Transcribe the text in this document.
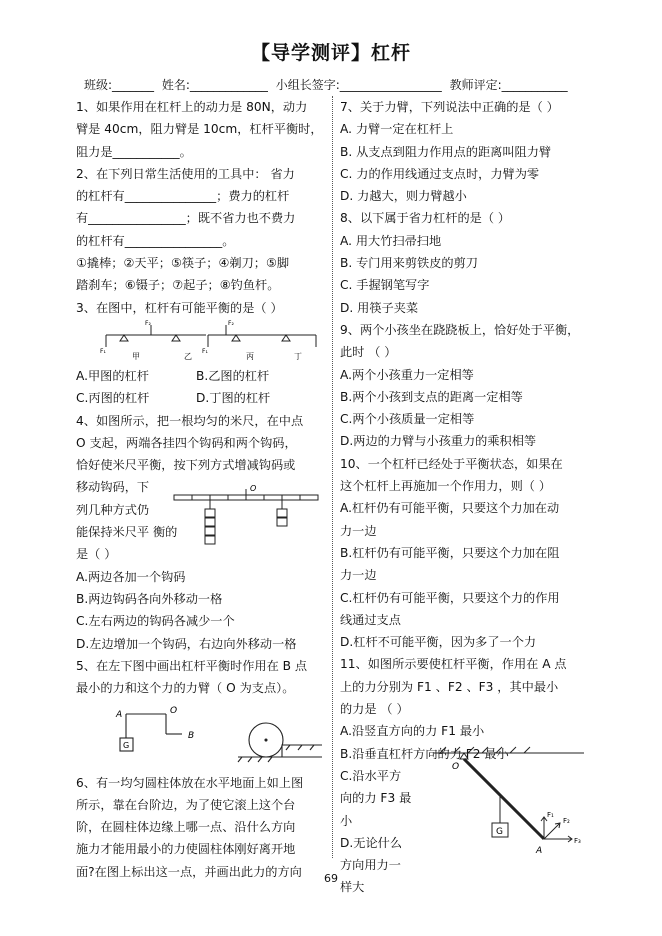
【导学测评】杠杆
班级:_______ 姓名:_____________ 小组长签字:_________________ 教师评定:___________
1、如果作用在杠杆上的动力是 80N，动力
臂是 40cm，阻力臂是 10cm，杠杆平衡时，
阻力是___________。
2、在下列日常生活使用的工具中： 省力
的杠杆有_______________；费力的杠杆
有________________；既不省力也不费力
的杠杆有________________。
①撬棒；②天平；⑤筷子；④剃刀；⑤脚
踏刹车；⑥镊子；⑦起子；⑧钓鱼杆。
3、在图中，杠杆有可能平衡的是（ ）
F₁
F₂
F₁
F₂
甲	乙	丙	丁
A.甲图的杠杆	B.乙图的杠杆
C.丙图的杠杆	D.丁图的杠杆
4、如图所示，把一根均匀的米尺，在中点
O 支起，两端各挂四个钩码和两个钩码，
恰好使米尺平衡，按下列方式增减钩码或
移动钩码，下
列几种方式仍
能保持米尺平 衡的
是（ ）
O
A.两边各加一个钩码
B.两边钩码各向外移动一格
C.左右两边的钩码各减少一个
D.左边增加一个钩码，右边向外移动一格
5、在左下图中画出杠杆平衡时作用在 B 点
最小的力和这个力的力臂（ O 为支点）。
A	O
B
G
6、有一均匀圆柱体放在水平地面上如上图
所示，靠在台阶边，为了使它滚上这个台
阶，在圆柱体边缘上哪一点、沿什么方向
施力才能用最小的力使圆柱体刚好离开地
面?在图上标出这一点，并画出此力的方向
7、关于力臂，下列说法中正确的是（ ）
A. 力臂一定在杠杆上
B. 从支点到阻力作用点的距离叫阻力臂
C. 力的作用线通过支点时，力臂为零
D. 力越大，则力臂越小
8、以下属于省力杠杆的是（ ）
A. 用大竹扫帚扫地
B. 专门用来剪铁皮的剪刀
C. 手握钢笔写字
D. 用筷子夹菜
9、两个小孩坐在跷跷板上，恰好处于平衡，
此时 （ ）
A.两个小孩重力一定相等
B.两个小孩到支点的距离一定相等
C.两个小孩质量一定相等
D.两边的力臂与小孩重力的乘积相等
10、一个杠杆已经处于平衡状态，如果在
这个杠杆上再施加一个作用力，则（ ）
A.杠杆仍有可能平衡，只要这个力加在动
力一边
B.杠杆仍有可能平衡，只要这个力加在阻
力一边
C.杠杆仍有可能平衡，只要这个力的作用
线通过支点
D.杠杆不可能平衡，因为多了一个力
11、如图所示要使杠杆平衡，作用在 A 点
上的力分别为 F1 、F2 、F3 ，其中最小
的力是 （ ）
A.沿竖直方向的力 F1 最小
B.沿垂直杠杆方向的力 F2 最小
C.沿水平方
向的力 F3 最
小
D.无论什么
方向用力一
样大
O
G
A
F₁
F₂
F₃
69
